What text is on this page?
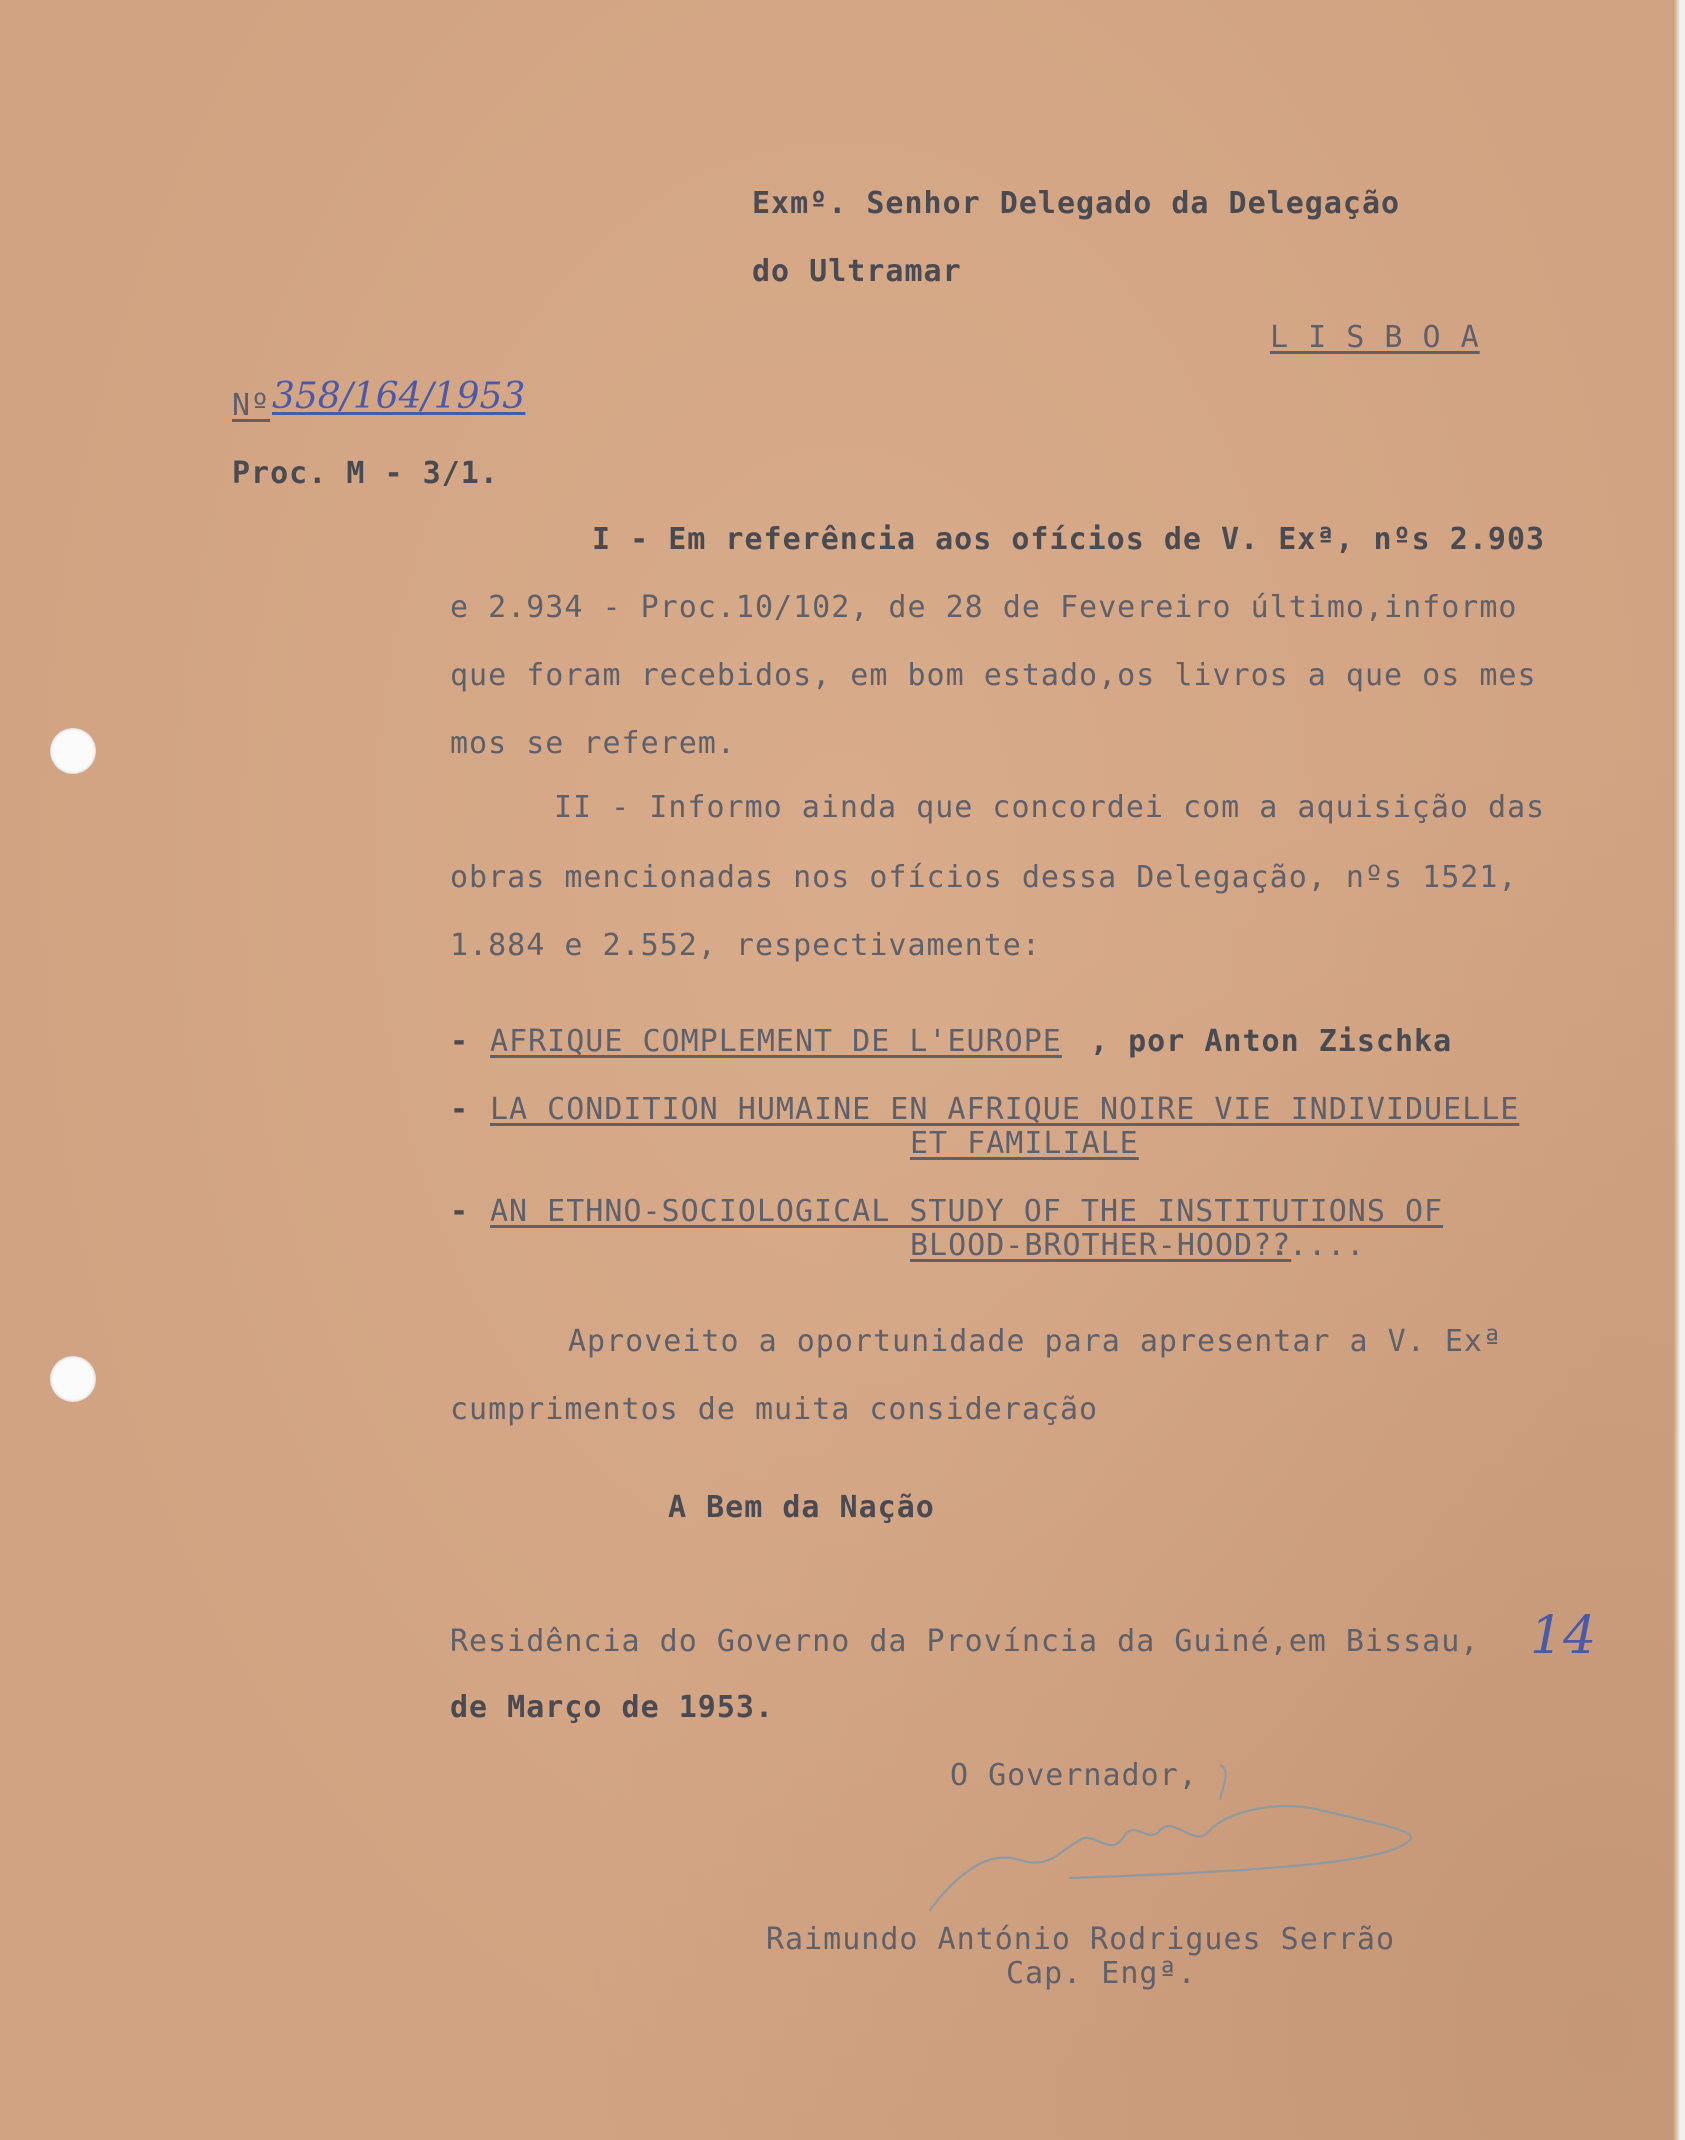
Exmº. Senhor Delegado da Delegação
do Ultramar
L I S B O A
Nº 358/164/1953
Proc. M - 3/1.
I - Em referência aos ofícios de V. Exª, nºs 2.903
e 2.934 - Proc.10/102, de 28 de Fevereiro último,informo
que foram recebidos, em bom estado,os livros a que os mes
mos se referem.
II - Informo ainda que concordei com a aquisição das
obras mencionadas nos ofícios dessa Delegação, nºs 1521,
1.884 e 2.552, respectivamente:
- AFRIQUE COMPLEMENT DE L'EUROPE , por Anton Zischka
- LA CONDITION HUMAINE EN AFRIQUE NOIRE VIE INDIVIDUELLE
ET FAMILIALE
- AN ETHNO-SOCIOLOGICAL STUDY OF THE INSTITUTIONS OF
BLOOD-BROTHER-HOOD??
.....
Aproveito a oportunidade para apresentar a V. Exª
cumprimentos de muita consideração
A Bem da Nação
Residência do Governo da Província da Guiné,em Bissau, 14
de Março de 1953.
O Governador,
Raimundo António Rodrigues Serrão
Cap. Engª.
